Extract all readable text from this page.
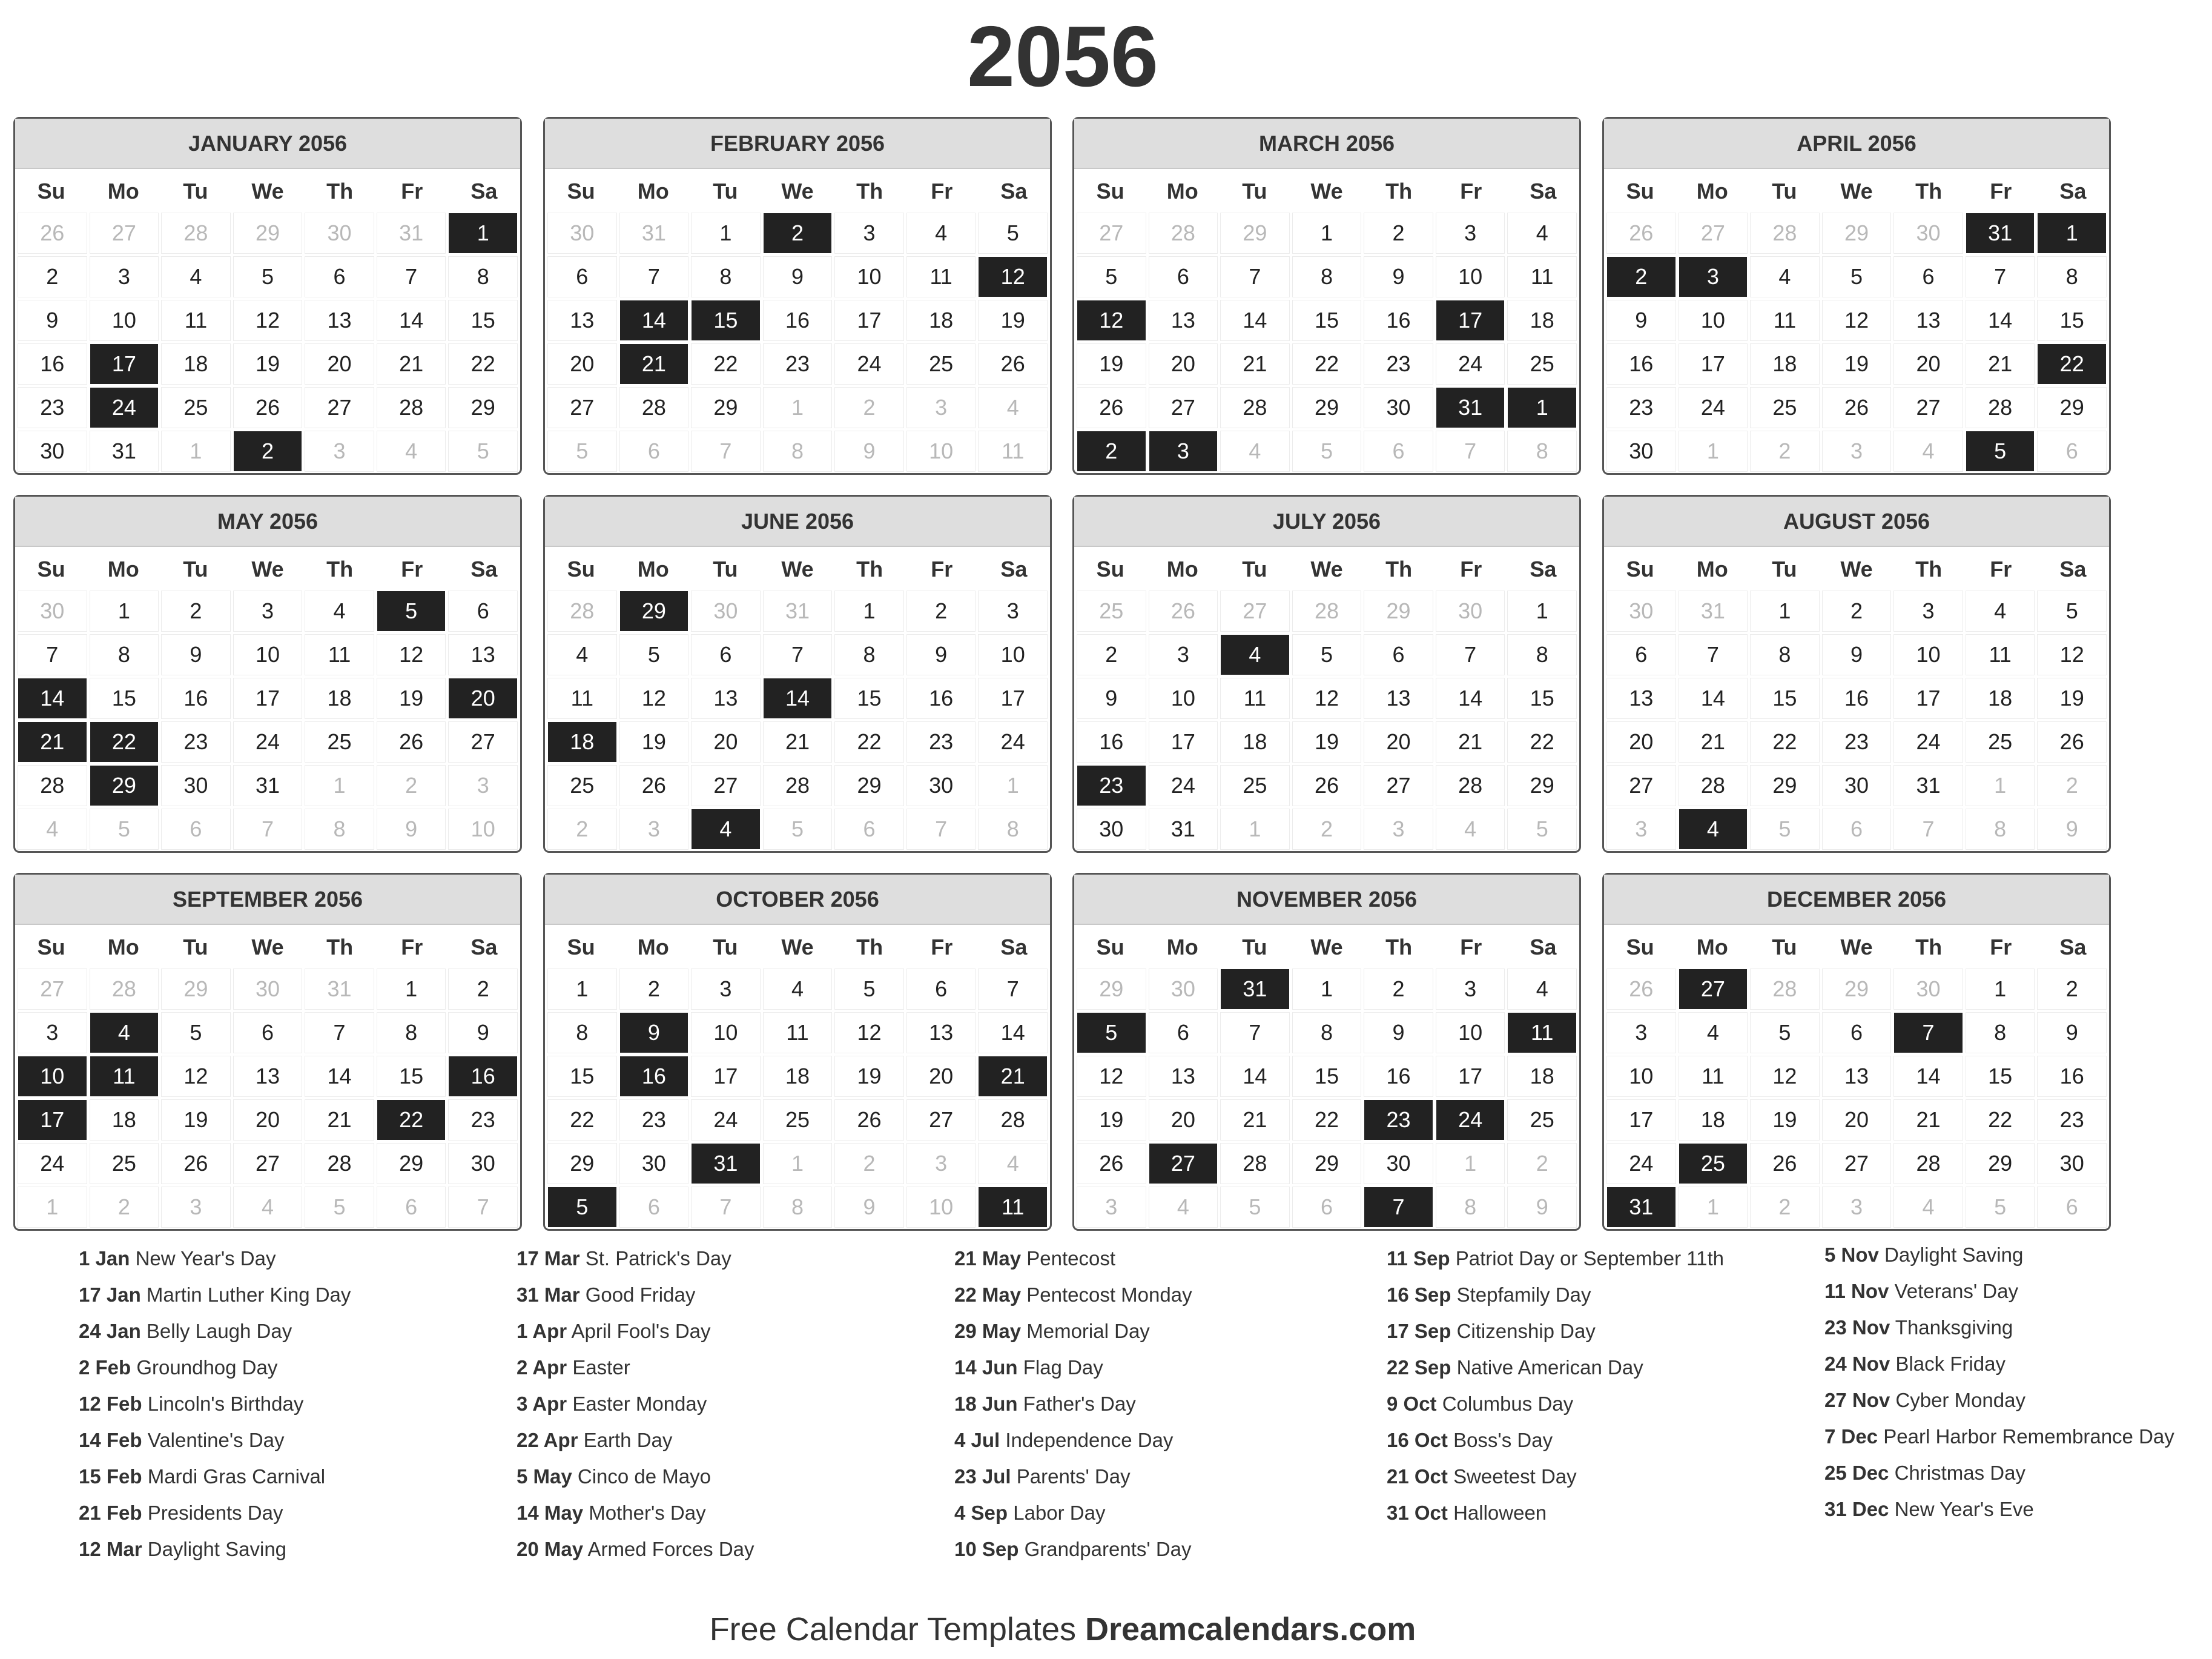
2056
JANUARY 2056
Su	Mo	Tu	We	Th	Fr	Sa
26	27	28	29	30	31	1
2	3	4	5	6	7	8
9	10	11	12	13	14	15
16	17	18	19	20	21	22
23	24	25	26	27	28	29
30	31	1	2	3	4	5
FEBRUARY 2056
Su	Mo	Tu	We	Th	Fr	Sa
30	31	1	2	3	4	5
6	7	8	9	10	11	12
13	14	15	16	17	18	19
20	21	22	23	24	25	26
27	28	29	1	2	3	4
5	6	7	8	9	10	11
MARCH 2056
Su	Mo	Tu	We	Th	Fr	Sa
27	28	29	1	2	3	4
5	6	7	8	9	10	11
12	13	14	15	16	17	18
19	20	21	22	23	24	25
26	27	28	29	30	31	1
2	3	4	5	6	7	8
APRIL 2056
Su	Mo	Tu	We	Th	Fr	Sa
26	27	28	29	30	31	1
2	3	4	5	6	7	8
9	10	11	12	13	14	15
16	17	18	19	20	21	22
23	24	25	26	27	28	29
30	1	2	3	4	5	6
MAY 2056
Su	Mo	Tu	We	Th	Fr	Sa
30	1	2	3	4	5	6
7	8	9	10	11	12	13
14	15	16	17	18	19	20
21	22	23	24	25	26	27
28	29	30	31	1	2	3
4	5	6	7	8	9	10
JUNE 2056
Su	Mo	Tu	We	Th	Fr	Sa
28	29	30	31	1	2	3
4	5	6	7	8	9	10
11	12	13	14	15	16	17
18	19	20	21	22	23	24
25	26	27	28	29	30	1
2	3	4	5	6	7	8
JULY 2056
Su	Mo	Tu	We	Th	Fr	Sa
25	26	27	28	29	30	1
2	3	4	5	6	7	8
9	10	11	12	13	14	15
16	17	18	19	20	21	22
23	24	25	26	27	28	29
30	31	1	2	3	4	5
AUGUST 2056
Su	Mo	Tu	We	Th	Fr	Sa
30	31	1	2	3	4	5
6	7	8	9	10	11	12
13	14	15	16	17	18	19
20	21	22	23	24	25	26
27	28	29	30	31	1	2
3	4	5	6	7	8	9
SEPTEMBER 2056
Su	Mo	Tu	We	Th	Fr	Sa
27	28	29	30	31	1	2
3	4	5	6	7	8	9
10	11	12	13	14	15	16
17	18	19	20	21	22	23
24	25	26	27	28	29	30
1	2	3	4	5	6	7
OCTOBER 2056
Su	Mo	Tu	We	Th	Fr	Sa
1	2	3	4	5	6	7
8	9	10	11	12	13	14
15	16	17	18	19	20	21
22	23	24	25	26	27	28
29	30	31	1	2	3	4
5	6	7	8	9	10	11
NOVEMBER 2056
Su	Mo	Tu	We	Th	Fr	Sa
29	30	31	1	2	3	4
5	6	7	8	9	10	11
12	13	14	15	16	17	18
19	20	21	22	23	24	25
26	27	28	29	30	1	2
3	4	5	6	7	8	9
DECEMBER 2056
Su	Mo	Tu	We	Th	Fr	Sa
26	27	28	29	30	1	2
3	4	5	6	7	8	9
10	11	12	13	14	15	16
17	18	19	20	21	22	23
24	25	26	27	28	29	30
31	1	2	3	4	5	6
1 Jan New Year's Day
17 Jan Martin Luther King Day
24 Jan Belly Laugh Day
2 Feb Groundhog Day
12 Feb Lincoln's Birthday
14 Feb Valentine's Day
15 Feb Mardi Gras Carnival
21 Feb Presidents Day
12 Mar Daylight Saving
17 Mar St. Patrick's Day
31 Mar Good Friday
1 Apr April Fool's Day
2 Apr Easter
3 Apr Easter Monday
22 Apr Earth Day
5 May Cinco de Mayo
14 May Mother's Day
20 May Armed Forces Day
21 May Pentecost
22 May Pentecost Monday
29 May Memorial Day
14 Jun Flag Day
18 Jun Father's Day
4 Jul Independence Day
23 Jul Parents' Day
4 Sep Labor Day
10 Sep Grandparents' Day
11 Sep Patriot Day or September 11th
16 Sep Stepfamily Day
17 Sep Citizenship Day
22 Sep Native American Day
9 Oct Columbus Day
16 Oct Boss's Day
21 Oct Sweetest Day
31 Oct Halloween
5 Nov Daylight Saving
11 Nov Veterans' Day
23 Nov Thanksgiving
24 Nov Black Friday
27 Nov Cyber Monday
7 Dec Pearl Harbor Remembrance Day
25 Dec Christmas Day
31 Dec New Year's Eve
Free Calendar Templates Dreamcalendars.com
